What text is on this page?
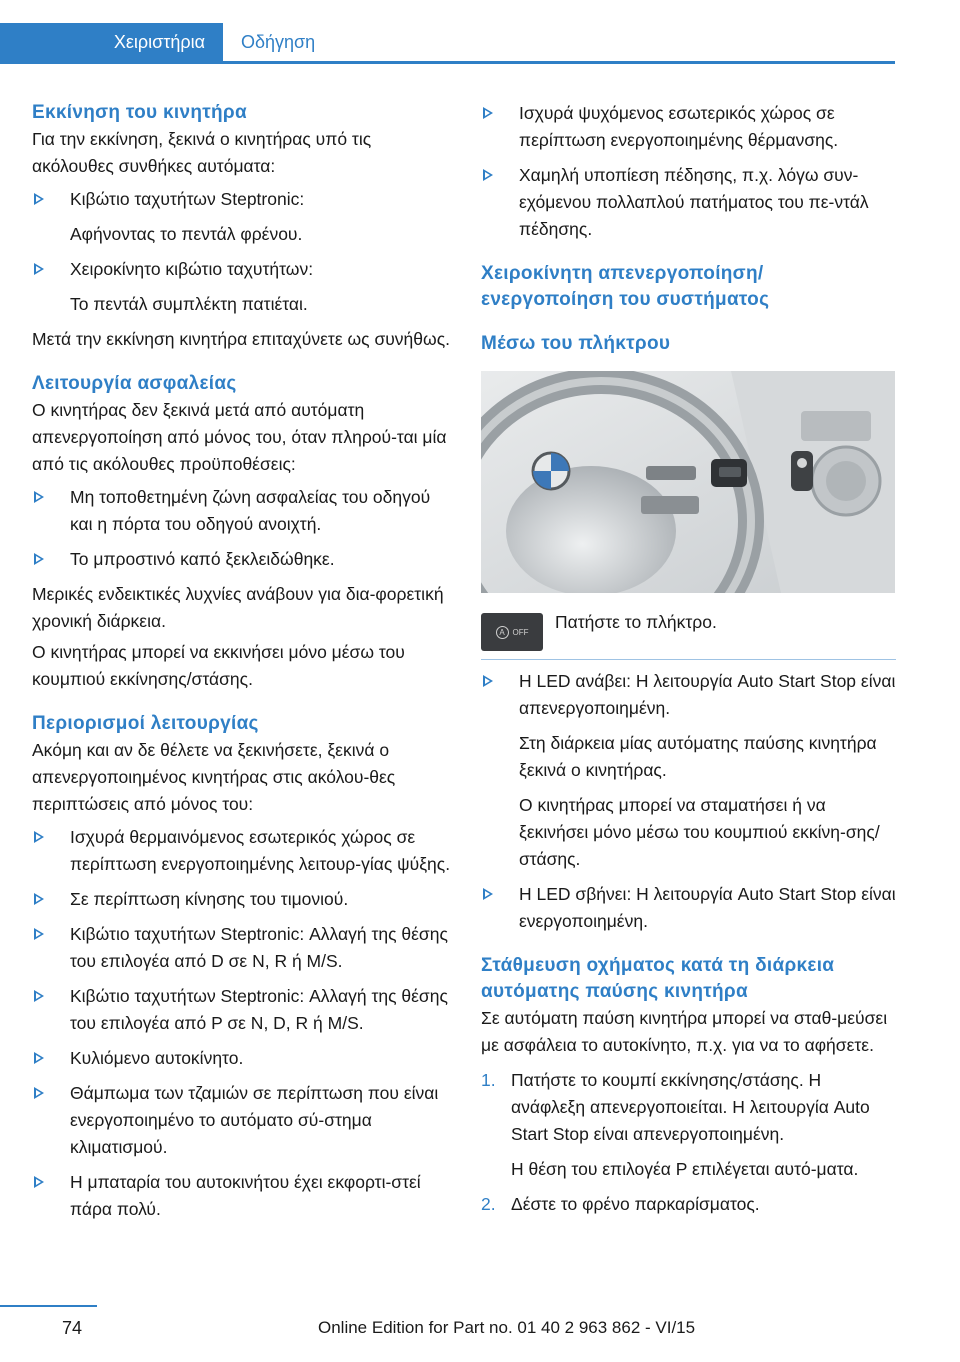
Χειριστήρια	Οδήγηση
Εκκίνηση του κινητήρα

Για την εκκίνηση, ξεκινά ο κινητήρας υπό τις ακόλουθες συνθήκες αυτόματα:

Κιβώτιο ταχυτήτων Steptronic:
Αφήνοντας το πεντάλ φρένου.
Χειροκίνητο κιβώτιο ταχυτήτων:
Το πεντάλ συμπλέκτη πατιέται.

Μετά την εκκίνηση κινητήρα επιταχύνετε ως συνήθως.

Λειτουργία ασφαλείας

Ο κινητήρας δεν ξεκινά μετά από αυτόματη απενεργοποίηση από μόνος του, όταν πληρού-ται μία από τις ακόλουθες προϋποθέσεις:

Μη τοποθετημένη ζώνη ασφαλείας του οδηγού και η πόρτα του οδηγού ανοιχτή.
Το μπροστινό καπό ξεκλειδώθηκε.

Μερικές ενδεικτικές λυχνίες ανάβουν για δια-φορετική χρονική διάρκεια.

Ο κινητήρας μπορεί να εκκινήσει μόνο μέσω του κουμπιού εκκίνησης/στάσης.

Περιορισμοί λειτουργίας

Ακόμη και αν δε θέλετε να ξεκινήσετε, ξεκινά ο απενεργοποιημένος κινητήρας στις ακόλου-θες περιπτώσεις από μόνος του:

Ισχυρά θερμαινόμενος εσωτερικός χώρος σε περίπτωση ενεργοποιημένης λειτουρ-γίας ψύξης.
Σε περίπτωση κίνησης του τιμονιού.
Κιβώτιο ταχυτήτων Steptronic: Αλλαγή της θέσης του επιλογέα από D σε N, R ή M/S.
Κιβώτιο ταχυτήτων Steptronic: Αλλαγή της θέσης του επιλογέα από P σε N, D, R ή M/S.
Κυλιόμενο αυτοκίνητο.
Θάμπωμα των τζαμιών σε περίπτωση που είναι ενεργοποιημένο το αυτόματο σύ-στημα κλιματισμού.
Η μπαταρία του αυτοκινήτου έχει εκφορτι-στεί πάρα πολύ.
Ισχυρά ψυχόμενος εσωτερικός χώρος σε περίπτωση ενεργοποιημένης θέρμανσης.
Χαμηλή υποπίεση πέδησης, π.χ. λόγω συν-εχόμενου πολλαπλού πατήματος του πε-ντάλ πέδησης.
Χειροκίνητη απενεργοποίηση/ ενεργοποίηση του συστήματος
Μέσω του πλήκτρου
A OFF Πατήστε το πλήκτρο.
Η LED ανάβει: Η λειτουργία Auto Start Stop είναι απενεργοποιημένη.
Στη διάρκεια μίας αυτόματης παύσης κινητήρα ξεκινά ο κινητήρας.
Ο κινητήρας μπορεί να σταματήσει ή να ξεκινήσει μόνο μέσω του κουμπιού εκκίνη-σης/στάσης.
Η LED σβήνει: Η λειτουργία Auto Start Stop είναι ενεργοποιημένη.
Στάθμευση οχήματος κατά τη διάρκεια αυτόματης παύσης κινητήρα

Σε αυτόματη παύση κινητήρα μπορεί να σταθ-μεύσει με ασφάλεια το αυτοκίνητο, π.χ. για να το αφήσετε.

1. Πατήστε το κουμπί εκκίνησης/στάσης. Η ανάφλεξη απενεργοποιείται. Η λειτουργία Auto Start Stop είναι απενεργοποιημένη.
Η θέση του επιλογέα P επιλέγεται αυτό-ματα.
2. Δέστε το φρένο παρκαρίσματος.
74	Online Edition for Part no. 01 40 2 963 862 - VI/15
